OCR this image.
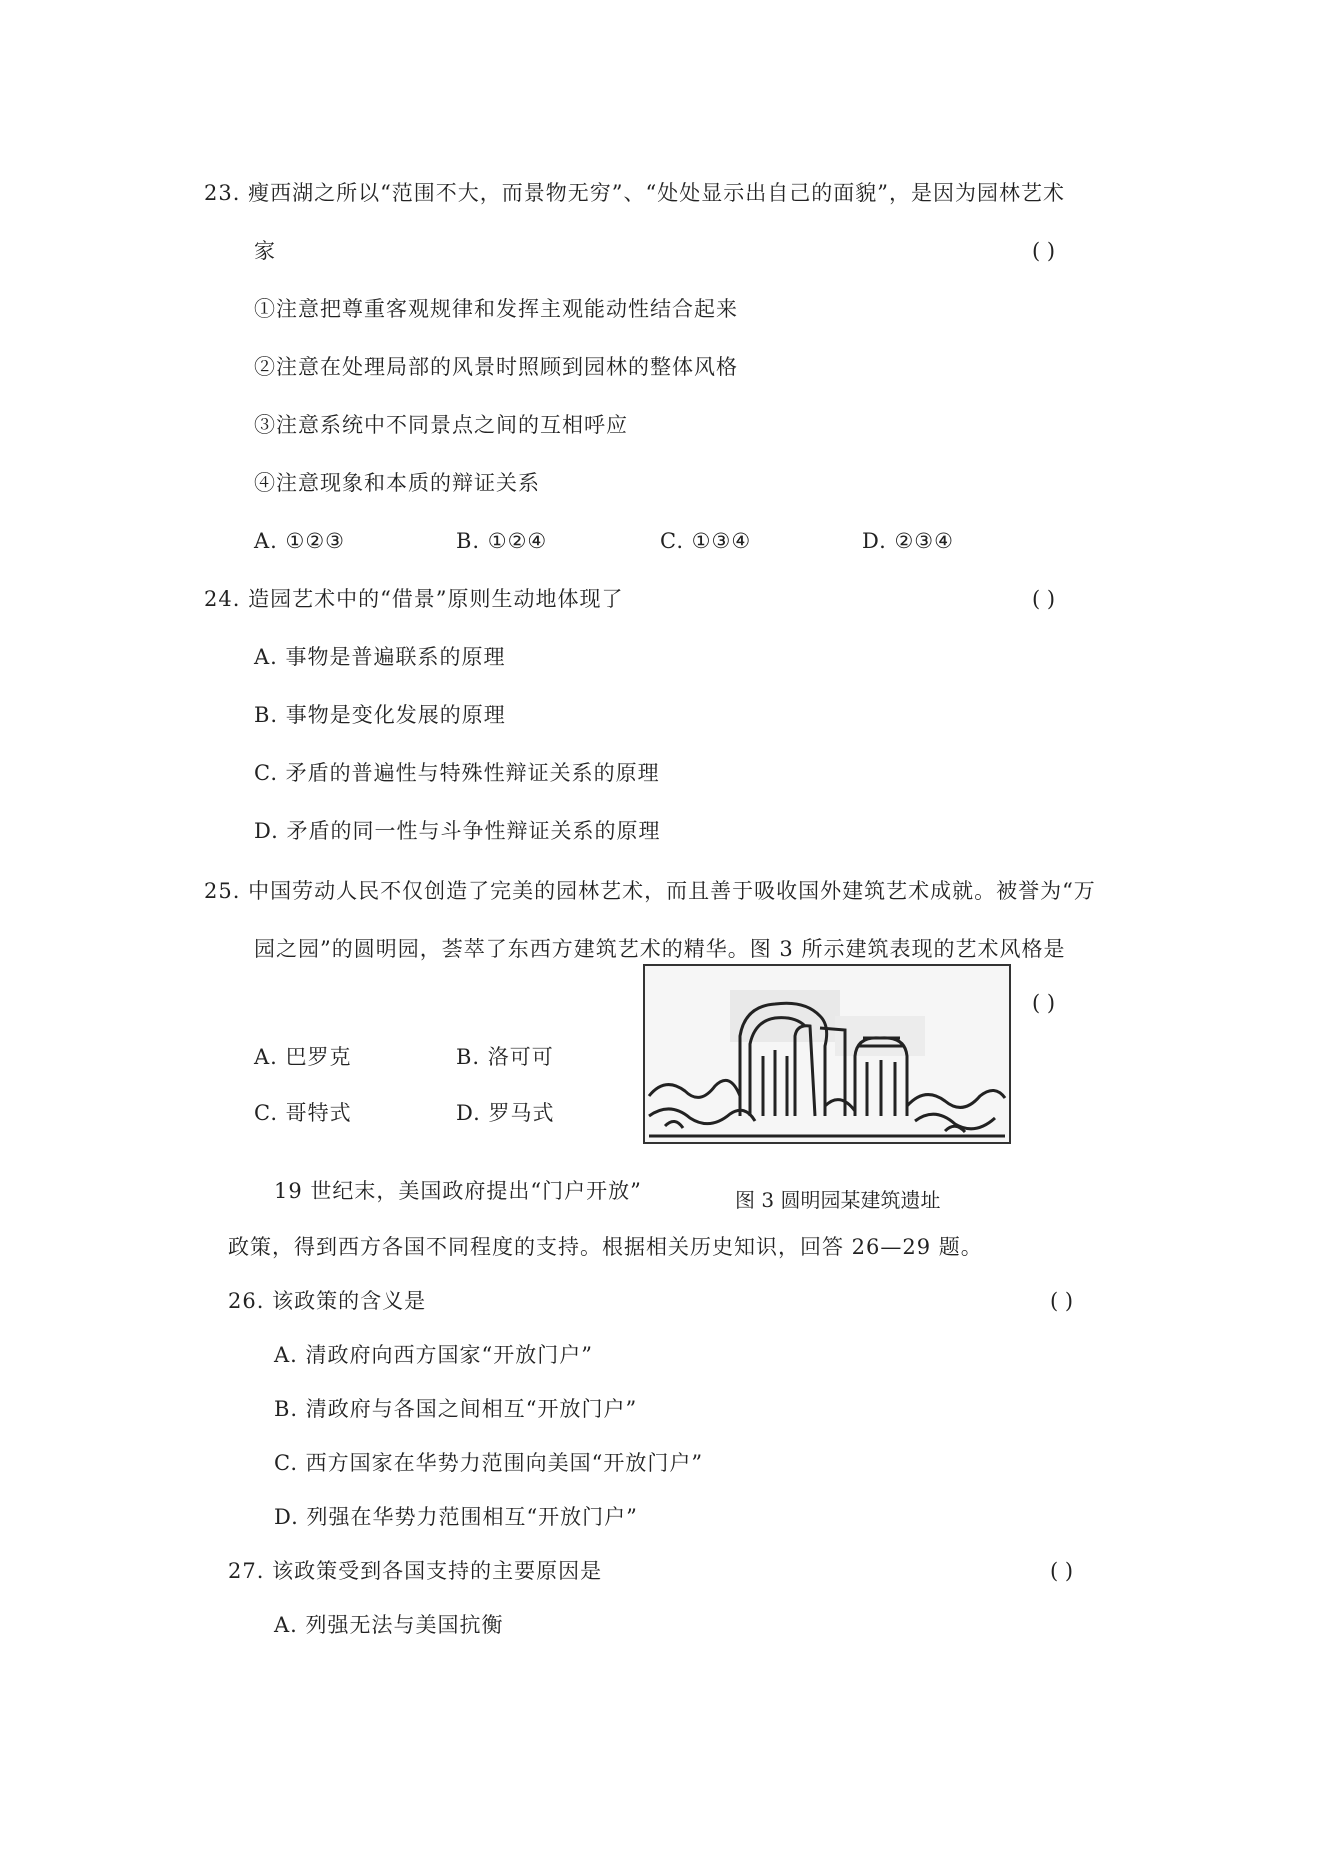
23. 瘦西湖之所以“范围不大，而景物无穷”、“处处显示出自己的面貌”，是因为园林艺术
家	( )
①注意把尊重客观规律和发挥主观能动性结合起来
②注意在处理局部的风景时照顾到园林的整体风格
③注意系统中不同景点之间的互相呼应
④注意现象和本质的辩证关系
A. ①②③	B. ①②④	C. ①③④	D. ②③④
24. 造园艺术中的“借景”原则生动地体现了	( )
A. 事物是普遍联系的原理
B. 事物是变化发展的原理
C. 矛盾的普遍性与特殊性辩证关系的原理
D. 矛盾的同一性与斗争性辩证关系的原理
25. 中国劳动人民不仅创造了完美的园林艺术，而且善于吸收国外建筑艺术成就。被誉为“万
园之园”的圆明园，荟萃了东西方建筑艺术的精华。图 3 所示建筑表现的艺术风格是
( )
A. 巴罗克	B. 洛可可
C. 哥特式	D. 罗马式
图 3 圆明园某建筑遗址
19 世纪末，美国政府提出“门户开放”
政策，得到西方各国不同程度的支持。根据相关历史知识，回答 26—29 题。
26. 该政策的含义是	( )
A. 清政府向西方国家“开放门户”
B. 清政府与各国之间相互“开放门户”
C. 西方国家在华势力范围向美国“开放门户”
D. 列强在华势力范围相互“开放门户”
27. 该政策受到各国支持的主要原因是	( )
A. 列强无法与美国抗衡
